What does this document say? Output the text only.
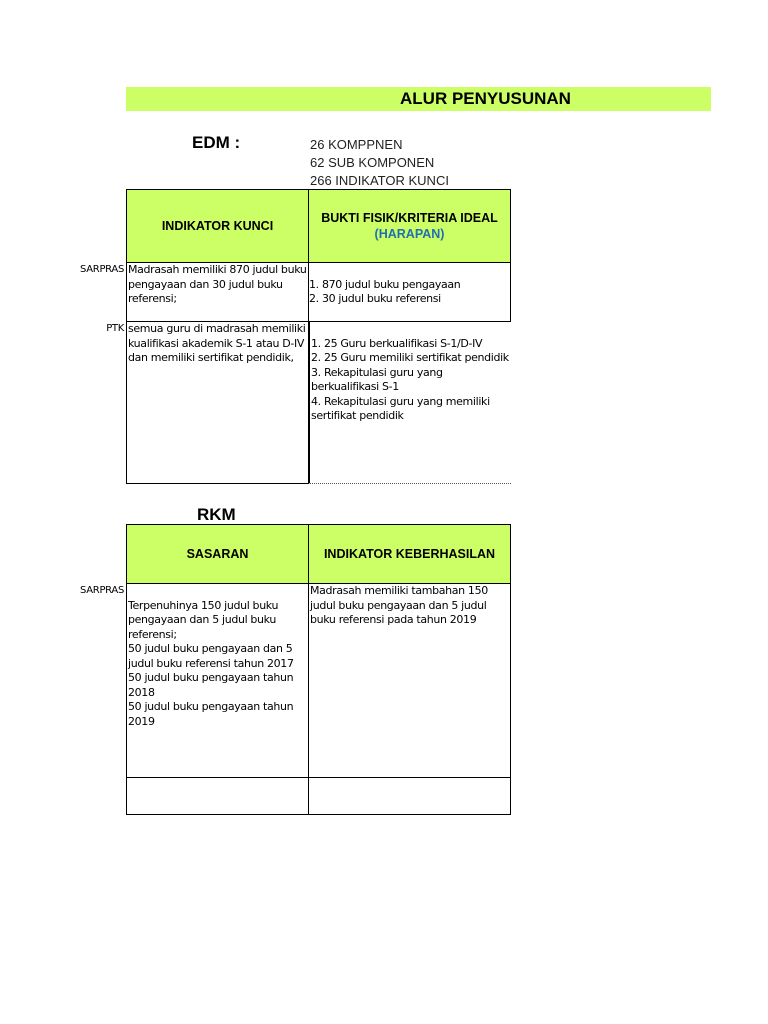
ALUR PENYUSUNAN
EDM :	26 KOMPPNEN
62 SUB KOMPONEN
266 INDIKATOR KUNCI
INDIKATOR KUNCI
BUKTI FISIK/KRITERIA IDEAL
(HARAPAN)
SARPRAS Madrasah memiliki 870 judul buku pengayaan dan 30 judul buku referensi;

1. 870 judul buku pengayaan
2. 30 judul buku referensi

PTK semua guru di madrasah memiliki kualifikasi akademik S-1 atau D-IV dan memiliki sertifikat pendidik,

1. 25 Guru berkualifikasi S-1/D-IV
2. 25 Guru memiliki sertifikat pendidik
3. Rekapitulasi guru yang berkualifikasi S-1
4. Rekapitulasi guru yang memiliki sertifikat pendidik

RKM
SASARAN	INDIKATOR KEBERHASILAN
SARPRAS

Terpenuhinya 150 judul buku pengayaan dan 5 judul buku referensi;
50 judul buku pengayaan dan 5 judul buku referensi tahun 2017
50 judul buku pengayaan tahun 2018
50 judul buku pengayaan tahun 2019

Madrasah memiliki tambahan 150 judul buku pengayaan dan 5 judul buku referensi pada tahun 2019
